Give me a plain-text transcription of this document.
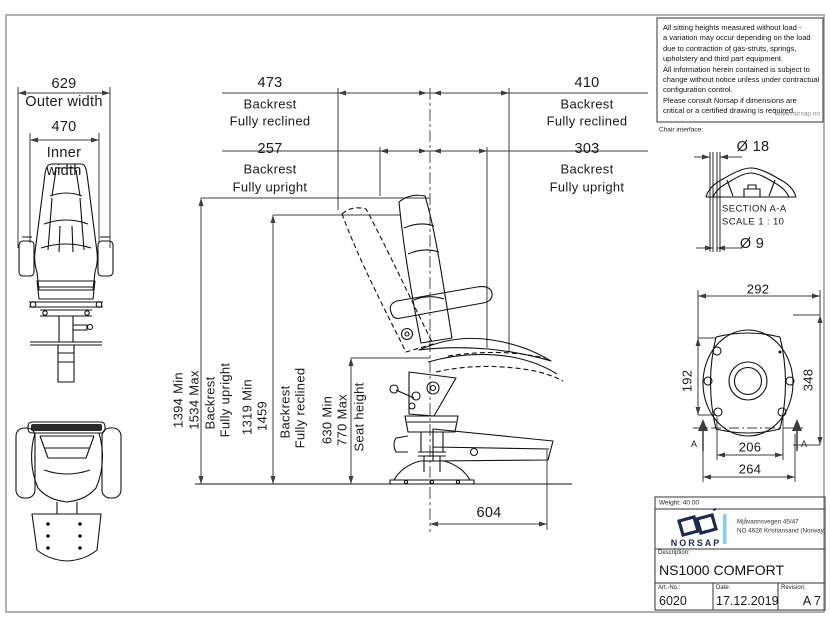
All sitting heights measured without load -
a variation may occur depending on the load
due to contraction of gas-struts, springs,
upholstery and third part equipment.
All information herein contained is subject to
change without notice unless under contractual
configuration control.
Please consult Norsap if dimensions are
critical or a certified drawing is required.
www.norsap.no
629
Outer width
470
Inner
width
473
Backrest
Fully reclined
257
Backrest
Fully upright
410
Backrest
Fully reclined
303
Backrest
Fully upright
1394 Min 1534 Max Backrest Fully upright 1319 Min 1459 Backrest Fully reclined 630 Min 770 Max Seat height
604
Chair interface:
Ø 18
SECTION A-A
SCALE 1 : 10
Ø 9
292
192	348
206
264
A	A
Weight: 40.00
NORSAP
Mjåvannsvegen 45/47
NO 4626 Kristiansand (Norway)
Description:
NS1000 COMFORT
Art.-No.:
6020
Date:
17.12.2019
Revision:
A 7
